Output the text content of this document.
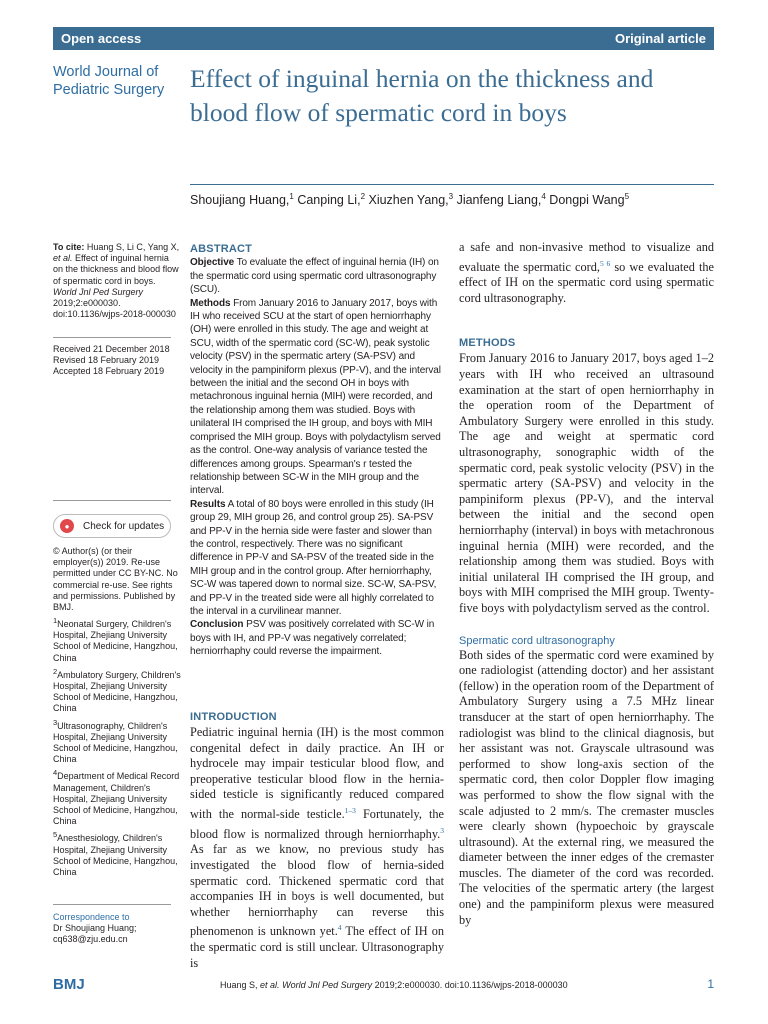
Open access	Original article
World Journal of Pediatric Surgery	Effect of inguinal hernia on the thickness and blood flow of spermatic cord in boys
Shoujiang Huang,$^1$ Canping Li,$^2$ Xiuzhen Yang,$^3$ Jianfeng Liang,$^4$ Dongpi Wang$^5$
To cite: Huang S, Li C, Yang X, et al. Effect of inguinal hernia on the thickness and blood flow of spermatic cord in boys. World Jnl Ped Surgery 2019;2:e000030. doi:10.1136/wjps-2018-000030
Received 21 December 2018
Revised 18 February 2019
Accepted 18 February 2019
●	Check for updates
© Author(s) (or their employer(s)) 2019. Re-use permitted under CC BY-NC. No commercial re-use. See rights and permissions. Published by BMJ.
$^1$Neonatal Surgery, Children's Hospital, Zhejiang University School of Medicine, Hangzhou, China
$^2$Ambulatory Surgery, Children's Hospital, Zhejiang University School of Medicine, Hangzhou, China
$^3$Ultrasonography, Children's Hospital, Zhejiang University School of Medicine, Hangzhou, China
$^4$Department of Medical Record Management, Children's Hospital, Zhejiang University School of Medicine, Hangzhou, China
$^5$Anesthesiology, Children's Hospital, Zhejiang University School of Medicine, Hangzhou, China
Correspondence to
Dr Shoujiang Huang; cq638@zju.edu.cn
ABSTRACT

Objective To evaluate the effect of inguinal hernia (IH) on the spermatic cord using spermatic cord ultrasonography (SCU).

Methods From January 2016 to January 2017, boys with IH who received SCU at the start of open herniorrhaphy (OH) were enrolled in this study. The age and weight at SCU, width of the spermatic cord (SC-W), peak systolic velocity (PSV) in the spermatic artery (SA-PSV) and velocity in the pampiniform plexus (PP-V), and the interval between the initial and the second OH in boys with metachronous inguinal hernia (MIH) were recorded, and the relationship among them was studied. Boys with unilateral IH comprised the IH group, and boys with MIH comprised the MIH group. Boys with polydactylism served as the control. One-way analysis of variance tested the differences among groups. Spearman's r tested the relationship between SC-W in the MIH group and the interval.

Results A total of 80 boys were enrolled in this study (IH group 29, MIH group 26, and control group 25). SA-PSV and PP-V in the hernia side were faster and slower than the control, respectively. There was no significant difference in PP-V and SA-PSV of the treated side in the MIH group and in the control group. After herniorrhaphy, SC-W was tapered down to normal size. SC-W, SA-PSV, and PP-V in the treated side were all highly correlated to the interval in a curvilinear manner.

Conclusion PSV was positively correlated with SC-W in boys with IH, and PP-V was negatively correlated; herniorrhaphy could reverse the impairment.

INTRODUCTION
Pediatric inguinal hernia (IH) is the most common congenital defect in daily practice. An IH or hydrocele may impair testicular blood flow, and preoperative testicular blood flow in the hernia-sided testicle is significantly reduced compared with the normal-side testicle.$^{1-3}$ Fortunately, the blood flow is normalized through herniorrhaphy.$^3$ As far as we know, no previous study has investigated the blood flow of hernia-sided spermatic cord. Thickened spermatic cord that accompanies IH in boys is well documented, but whether herniorrhaphy can reverse this phenomenon is unknown yet.$^4$ The effect of IH on the spermatic cord is still unclear. Ultrasonography is
a safe and non-invasive method to visualize and evaluate the spermatic cord,$^{5 6}$ so we evaluated the effect of IH on the spermatic cord using spermatic cord ultrasonography.
METHODS
From January 2016 to January 2017, boys aged 1–2 years with IH who received an ultrasound examination at the start of open herniorrhaphy in the operation room of the Department of Ambulatory Surgery were enrolled in this study. The age and weight at spermatic cord ultrasonography, sonographic width of the spermatic cord, peak systolic velocity (PSV) in the spermatic artery (SA-PSV) and velocity in the pampiniform plexus (PP-V), and the interval between the initial and the second open herniorrhaphy (interval) in boys with metachronous inguinal hernia (MIH) were recorded, and the relationship among them was studied. Boys with initial unilateral IH comprised the IH group, and boys with MIH comprised the MIH group. Twenty-five boys with polydactylism served as the control.
Spermatic cord ultrasonography
Both sides of the spermatic cord were examined by one radiologist (attending doctor) and her assistant (fellow) in the operation room of the Department of Ambulatory Surgery using a 7.5 MHz linear transducer at the start of open herniorrhaphy. The radiologist was blind to the clinical diagnosis, but her assistant was not. Grayscale ultrasound was performed to show long-axis section of the spermatic cord, then color Doppler flow imaging was performed to show the flow signal with the scale adjusted to 2 mm/s. The cremaster muscles were clearly shown (hypoechoic by grayscale ultrasound). At the external ring, we measured the diameter between the inner edges of the cremaster muscles. The diameter of the cord was recorded. The velocities of the spermatic artery (the largest one) and the pampiniform plexus were measured by
BMJ	Huang S, et al. World Jnl Ped Surgery 2019;2:e000030. doi:10.1136/wjps-2018-000030	1
